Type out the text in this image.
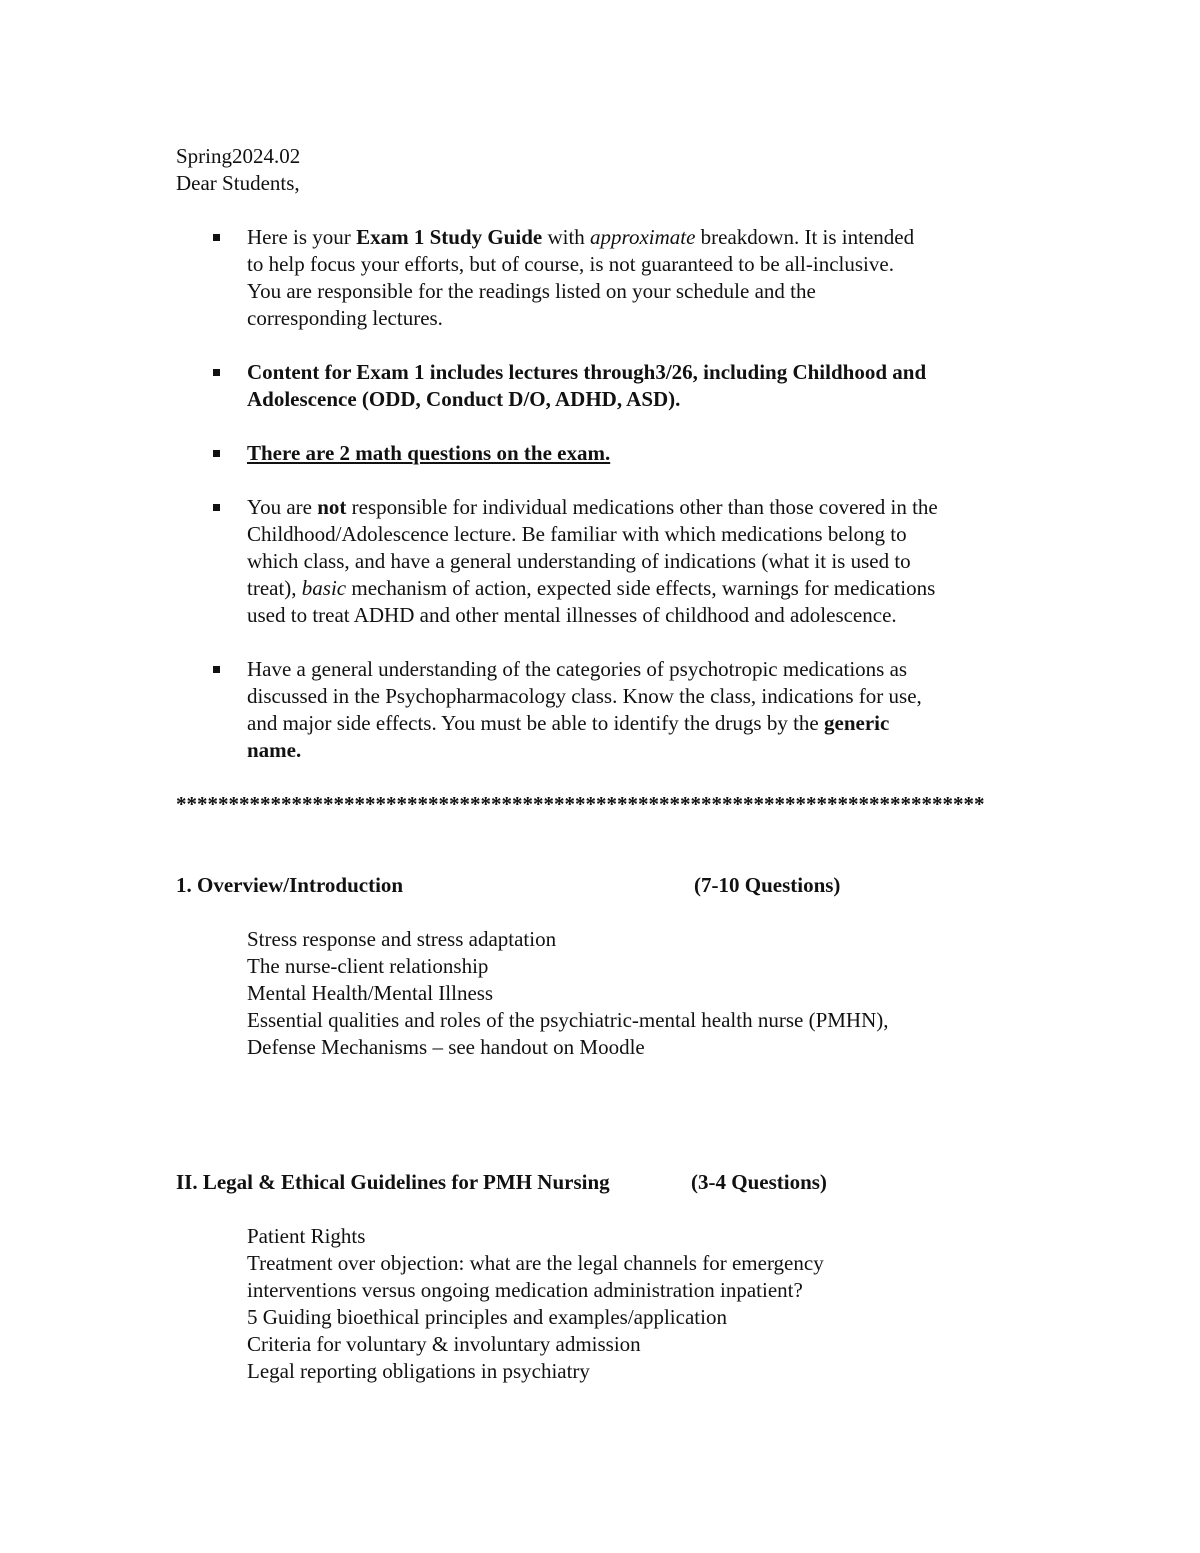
Spring2024.02
Dear Students,
Here is your Exam 1 Study Guide with approximate breakdown. It is intended
to help focus your efforts, but of course, is not guaranteed to be all-inclusive.
You are responsible for the readings listed on your schedule and the
corresponding lectures.
Content for Exam 1 includes lectures through3/26, including Childhood and
Adolescence (ODD, Conduct D/O, ADHD, ASD).
There are 2 math questions on the exam.
You are not responsible for individual medications other than those covered in the
Childhood/Adolescence lecture. Be familiar with which medications belong to
which class, and have a general understanding of indications (what it is used to
treat), basic mechanism of action, expected side effects, warnings for medications
used to treat ADHD and other mental illnesses of childhood and adolescence.
Have a general understanding of the categories of psychotropic medications as
discussed in the Psychopharmacology class. Know the class, indications for use,
and major side effects. You must be able to identify the drugs by the generic
name.
*****************************************************************************
1. Overview/Introduction	(7-10 Questions)
Stress response and stress adaptation
The nurse-client relationship
Mental Health/Mental Illness
Essential qualities and roles of the psychiatric-mental health nurse (PMHN),
Defense Mechanisms – see handout on Moodle
II. Legal & Ethical Guidelines for PMH Nursing	(3-4 Questions)
Patient Rights
Treatment over objection: what are the legal channels for emergency
interventions versus ongoing medication administration inpatient?
5 Guiding bioethical principles and examples/application
Criteria for voluntary & involuntary admission
Legal reporting obligations in psychiatry
